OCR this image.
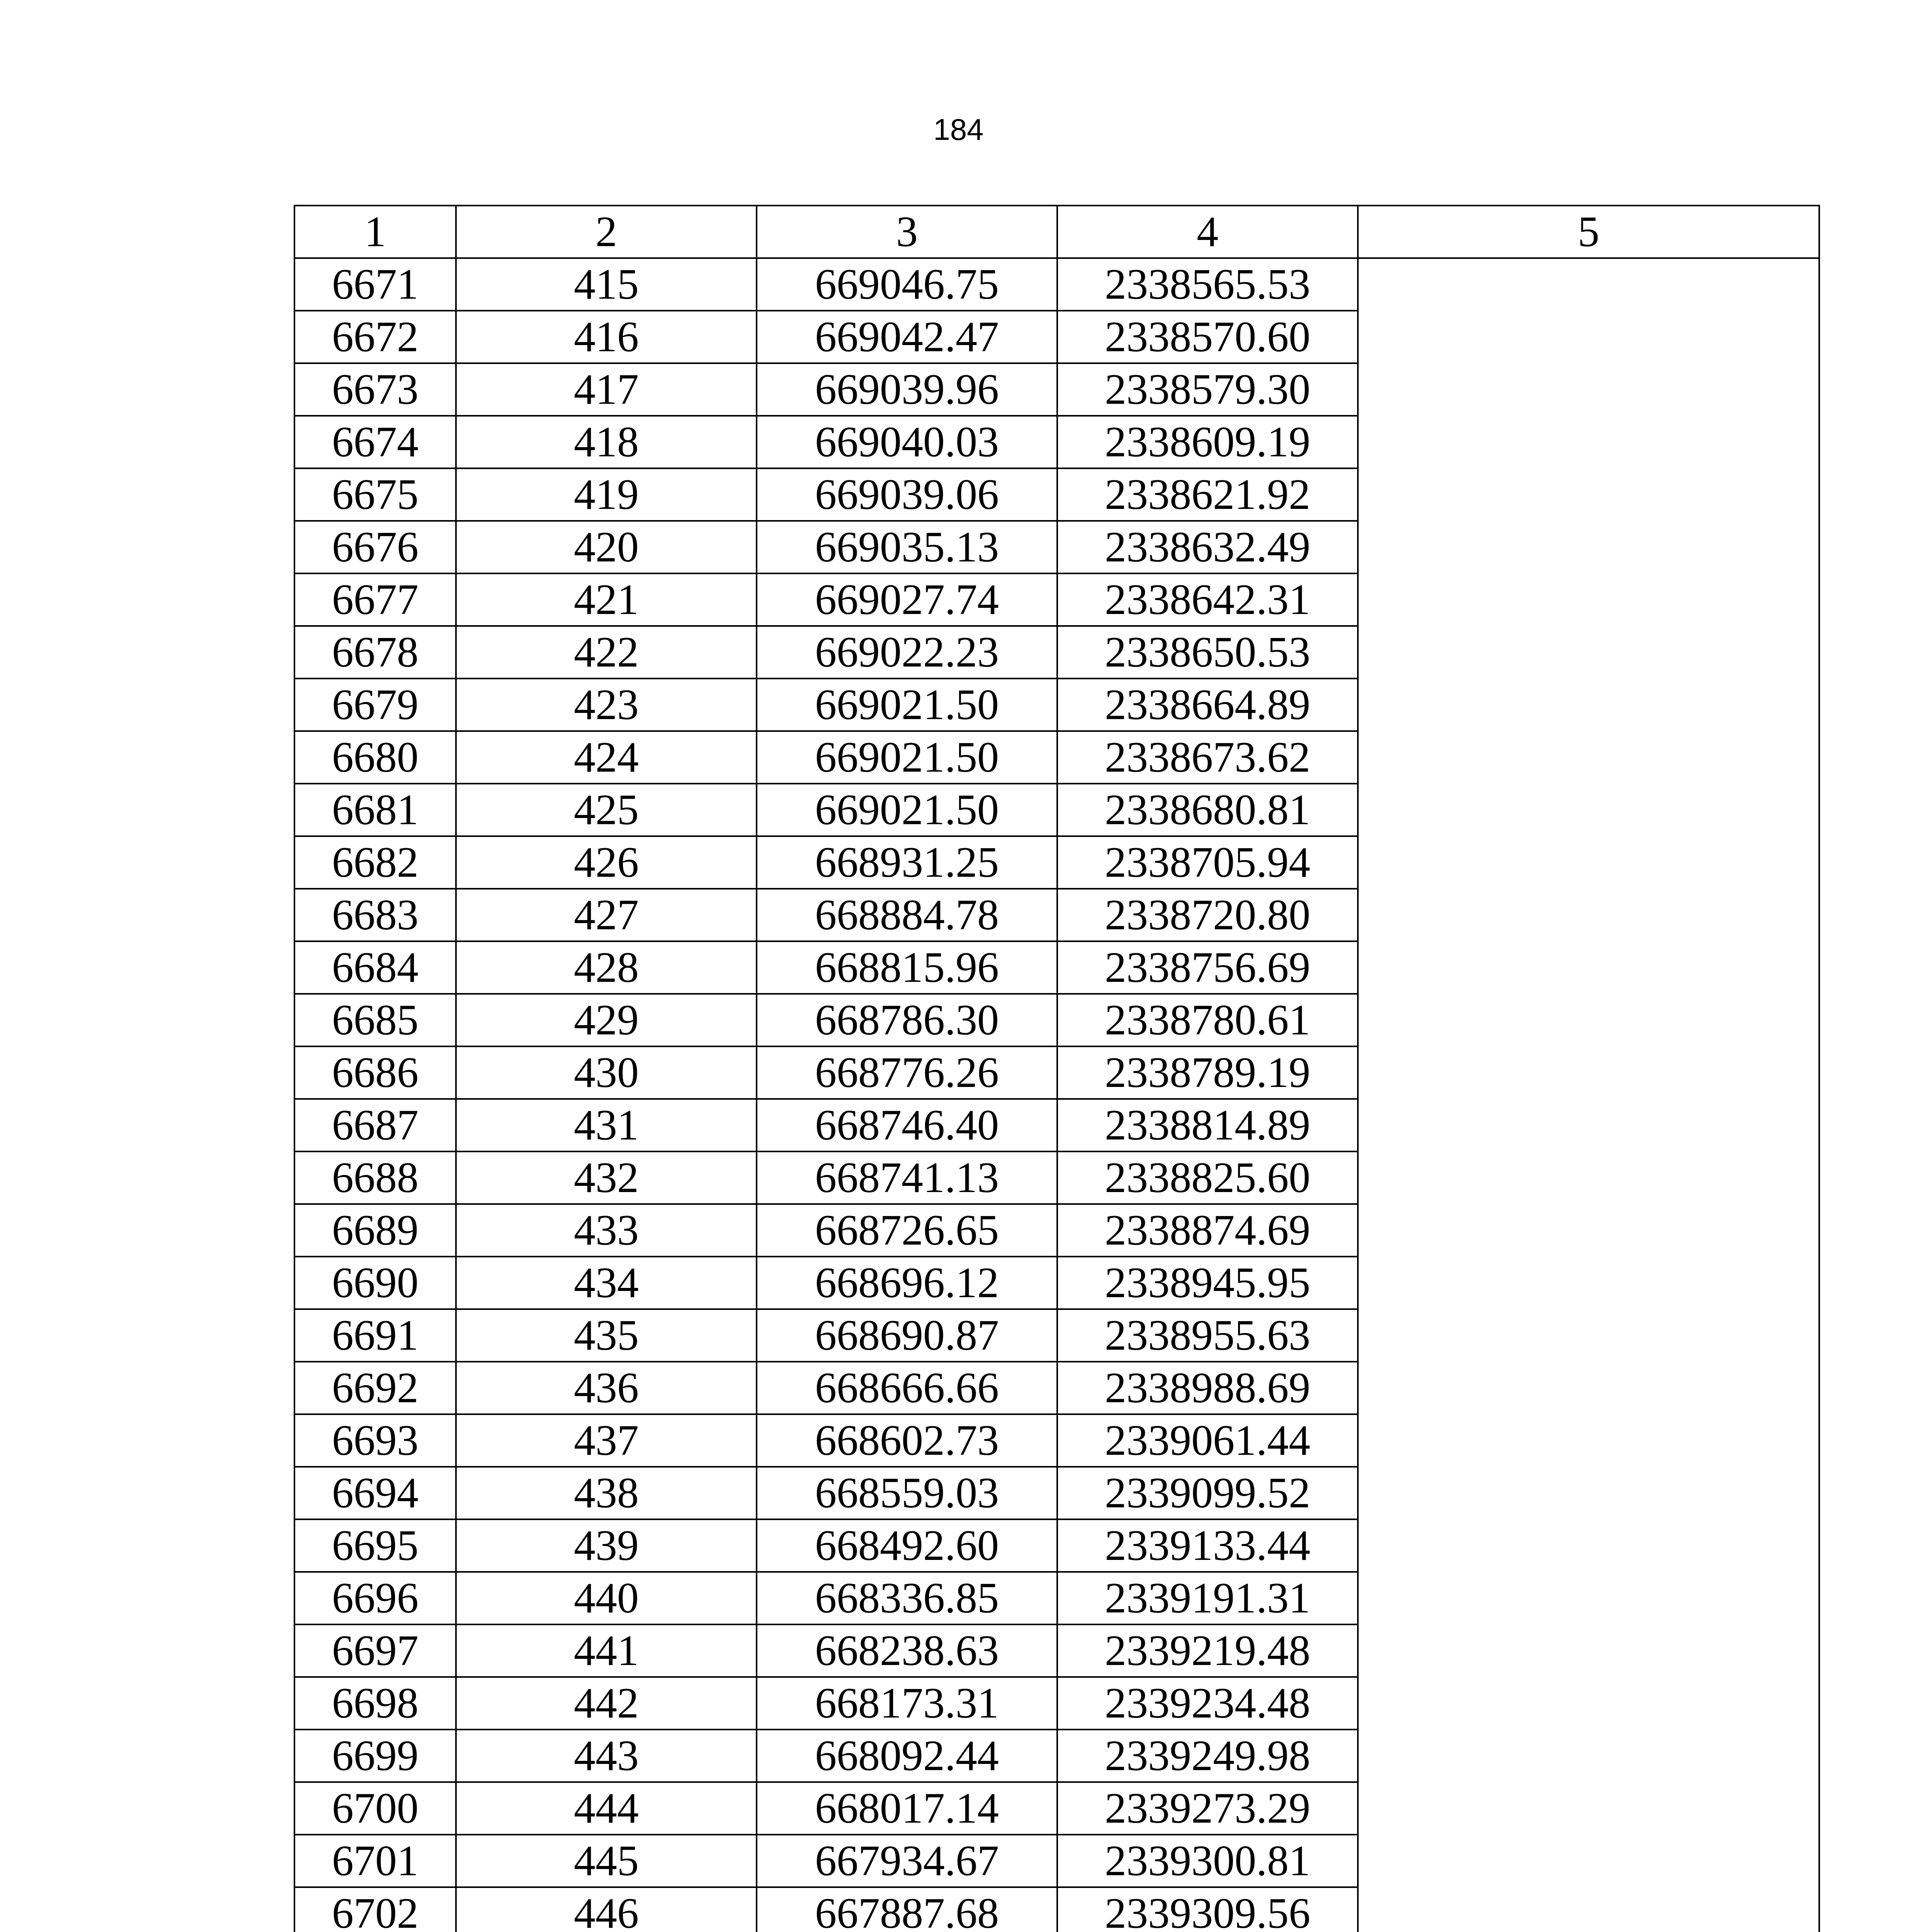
184
1	2	3	4	5
6671	415	669046.75	2338565.53	
6672	416	669042.47	2338570.60	
6673	417	669039.96	2338579.30	
6674	418	669040.03	2338609.19	
6675	419	669039.06	2338621.92	
6676	420	669035.13	2338632.49	
6677	421	669027.74	2338642.31	
6678	422	669022.23	2338650.53	
6679	423	669021.50	2338664.89	
6680	424	669021.50	2338673.62	
6681	425	669021.50	2338680.81	
6682	426	668931.25	2338705.94	
6683	427	668884.78	2338720.80	
6684	428	668815.96	2338756.69	
6685	429	668786.30	2338780.61	
6686	430	668776.26	2338789.19	
6687	431	668746.40	2338814.89	
6688	432	668741.13	2338825.60	
6689	433	668726.65	2338874.69	
6690	434	668696.12	2338945.95	
6691	435	668690.87	2338955.63	
6692	436	668666.66	2338988.69	
6693	437	668602.73	2339061.44	
6694	438	668559.03	2339099.52	
6695	439	668492.60	2339133.44	
6696	440	668336.85	2339191.31	
6697	441	668238.63	2339219.48	
6698	442	668173.31	2339234.48	
6699	443	668092.44	2339249.98	
6700	444	668017.14	2339273.29	
6701	445	667934.67	2339300.81	
6702	446	667887.68	2339309.56	
